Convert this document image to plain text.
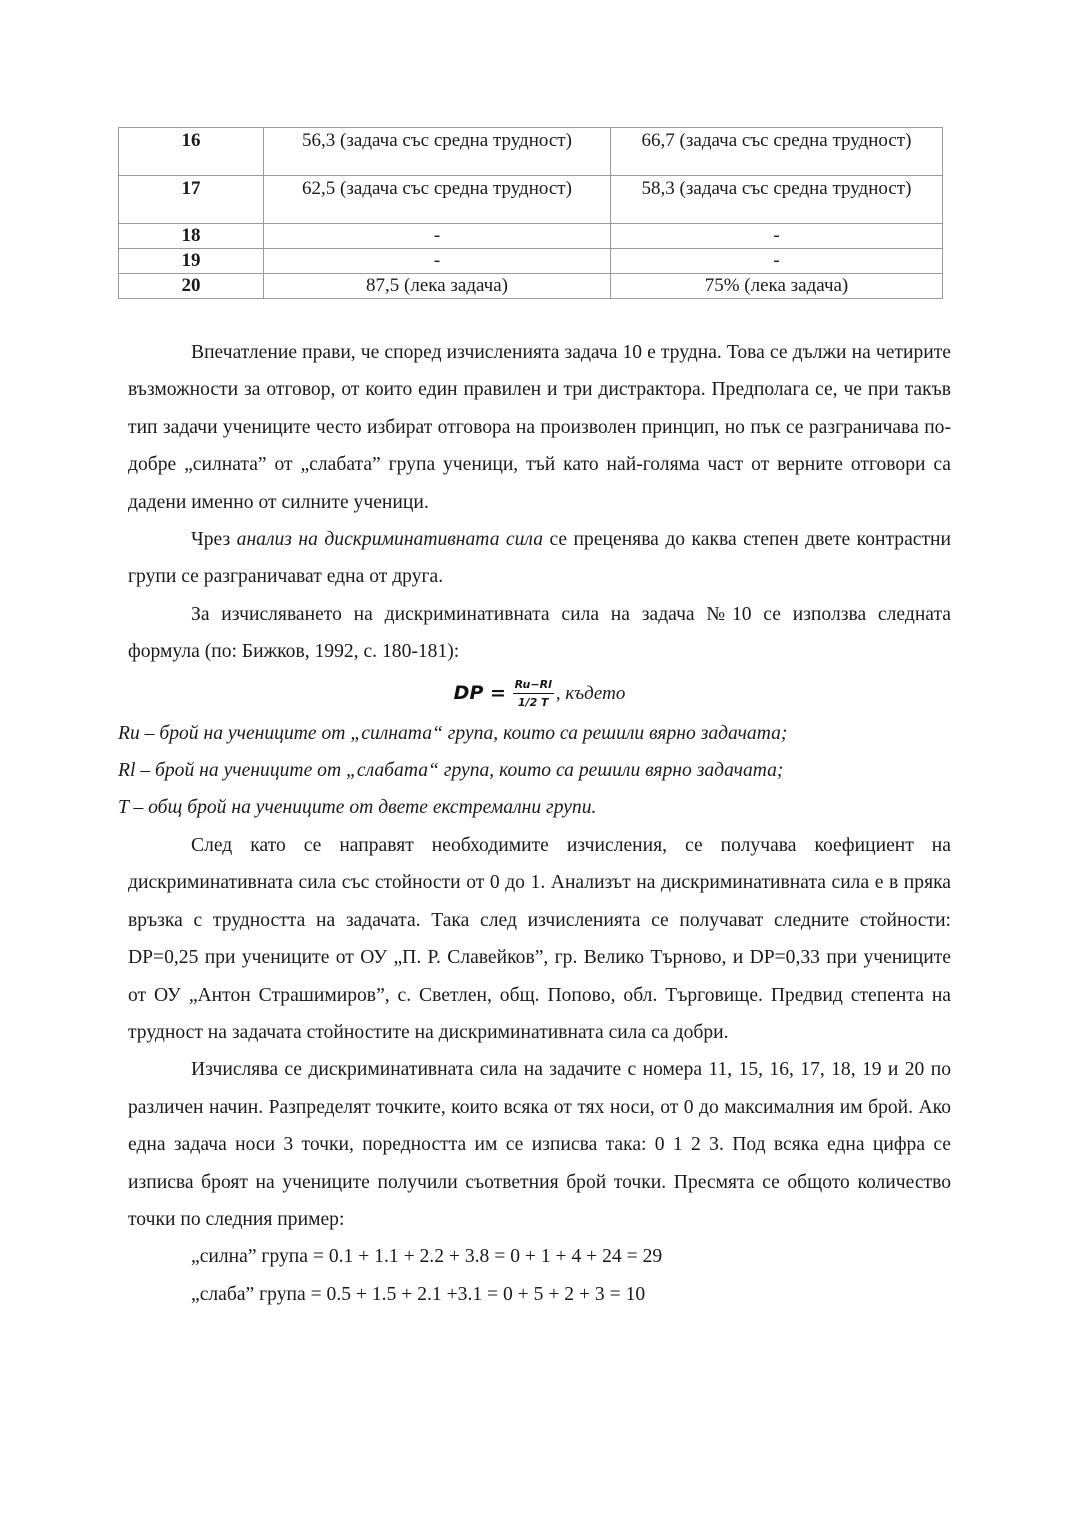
16	56,3 (задача със средна трудност)	66,7 (задача със средна трудност)
17	62,5 (задача със средна трудност)	58,3 (задача със средна трудност)
18	-	-
19	-	-
20	87,5 (лека задача)	75% (лека задача)

Впечатление прави, че според изчисленията задача 10 е трудна. Това се дължи на четирите възможности за отговор, от които един правилен и три дистрактора. Предполага се, че при такъв тип задачи учениците често избират отговора на произволен принцип, но пък се разграничава по-добре „силната” от „слабата” група ученици, тъй като най-голяма част от верните отговори са дадени именно от силните ученици.

Чрез анализ на дискриминативната сила се преценява до каква степен двете контрастни групи се разграничават една от друга.

За изчисляването на дискриминативната сила на задача №10 се използва следната формула (по: Бижков, 1992, с. 180-181):

DP = $\frac{Ru-Rl}{1/2 T}$ , където

Ru – брой на учениците от „силната“ група, които са решили вярно задачата;

Rl – брой на учениците от „слабата“ група, които са решили вярно задачата;

T – общ брой на учениците от двете екстремални групи.

След като се направят необходимите изчисления, се получава коефициент на дискриминативната сила със стойности от 0 до 1. Анализът на дискриминативната сила е в пряка връзка с трудността на задачата. Така след изчисленията се получават следните стойности: DP=0,25 при учениците от ОУ „П. Р. Славейков”, гр. Велико Търново, и DP=0,33 при учениците от ОУ „Антон Страшимиров”, с. Светлен, общ. Попово, обл. Търговище. Предвид степента на трудност на задачата стойностите на дискриминативната сила са добри.

Изчислява се дискриминативната сила на задачите с номера 11, 15, 16, 17, 18, 19 и 20 по различен начин. Разпределят точките, които всяка от тях носи, от 0 до максималния им брой. Ако една задача носи 3 точки, поредността им се изписва така: 0 1 2 3. Под всяка една цифра се изписва броят на учениците получили съответния брой точки. Пресмята се общото количество точки по следния пример:

„силна” група = 0.1 + 1.1 + 2.2 + 3.8 = 0 + 1 + 4 + 24 = 29

„слаба” група = 0.5 + 1.5 + 2.1 +3.1 = 0 + 5 + 2 + 3 = 10
